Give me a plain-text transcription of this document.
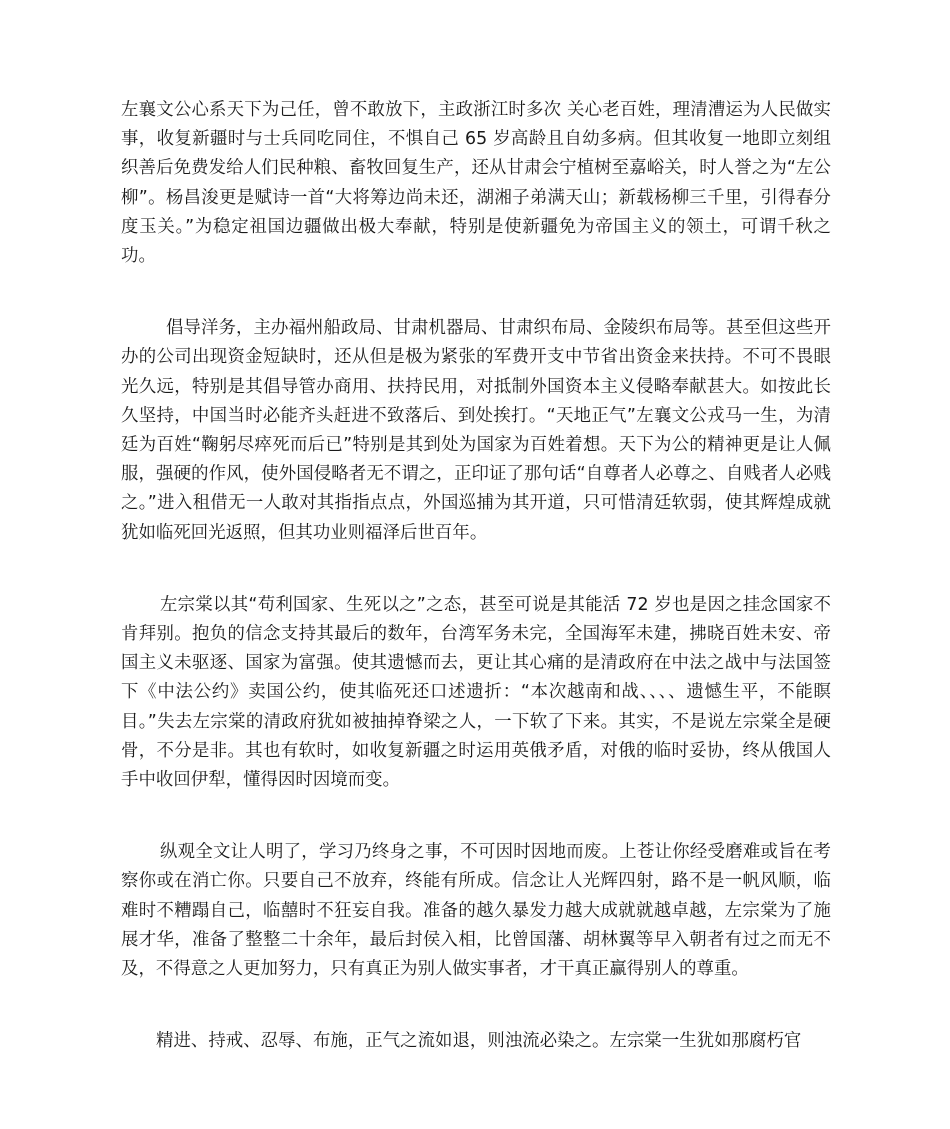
左襄文公心系天下为己任，曾不敢放下，主政浙江时多次 关心老百姓，理清漕运为人民做实事，收复新疆时与士兵同吃同住，不惧自己 65 岁高龄且自幼多病。但其收复一地即立刻组织善后免费发给人们民种粮、畜牧回复生产，还从甘肃会宁植树至嘉峪关，时人誉之为“左公柳”。杨昌浚更是赋诗一首“大将筹边尚未还，湖湘子弟满天山；新载杨柳三千里，引得春分度玉关。”为稳定祖国边疆做出极大奉献，特别是使新疆免为帝国主义的领土，可谓千秋之功。

倡导洋务，主办福州船政局、甘肃机器局、甘肃织布局、金陵织布局等。甚至但这些开办的公司出现资金短缺时，还从但是极为紧张的军费开支中节省出资金来扶持。不可不畏眼光久远，特别是其倡导管办商用、扶持民用，对抵制外国资本主义侵略奉献甚大。如按此长久坚持，中国当时必能齐头赶进不致落后、到处挨打。“天地正气”左襄文公戎马一生，为清廷为百姓“鞠躬尽瘁死而后已”特别是其到处为国家为百姓着想。天下为公的精神更是让人佩服，强硬的作风，使外国侵略者无不谓之，正印证了那句话“自尊者人必尊之、自贱者人必贱之。”进入租借无一人敢对其指指点点，外国巡捕为其开道，只可惜清廷软弱，使其辉煌成就犹如临死回光返照，但其功业则福泽后世百年。

左宗棠以其“苟利国家、生死以之”之态，甚至可说是其能活 72 岁也是因之挂念国家不肯拜别。抱负的信念支持其最后的数年，台湾军务未完，全国海军未建，拂晓百姓未安、帝国主义未驱逐、国家为富强。使其遗憾而去，更让其心痛的是清政府在中法之战中与法国签下《中法公约》卖国公约，使其临死还口述遗折：“本次越南和战、、、、遗憾生平，不能瞑目。”失去左宗棠的清政府犹如被抽掉脊梁之人，一下软了下来。其实，不是说左宗棠全是硬骨，不分是非。其也有软时，如收复新疆之时运用英俄矛盾，对俄的临时妥协，终从俄国人手中收回伊犁，懂得因时因境而变。

纵观全文让人明了，学习乃终身之事，不可因时因地而废。上苍让你经受磨难或旨在考察你或在消亡你。只要自己不放弃，终能有所成。信念让人光辉四射，路不是一帆风顺，临难时不糟蹋自己，临囍时不狂妄自我。准备的越久暴发力越大成就就越卓越，左宗棠为了施展才华，准备了整整二十余年，最后封侯入相，比曾国藩、胡林翼等早入朝者有过之而无不及，不得意之人更加努力，只有真正为别人做实事者，才干真正赢得别人的尊重。

精进、持戒、忍辱、布施，正气之流如退，则浊流必染之。左宗棠一生犹如那腐朽官
